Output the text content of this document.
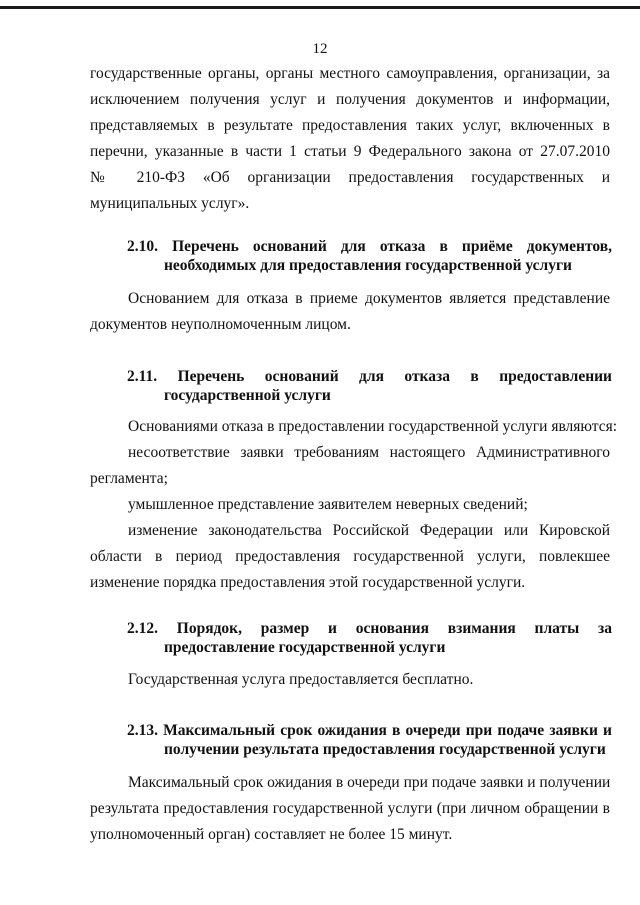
12
государственные органы, органы местного самоуправления, организации, за
исключением получения услуг и получения документов и информации,
представляемых в результате предоставления таких услуг, включенных в
перечни, указанные в части 1 статьи 9 Федерального закона от 27.07.2010
№ 210-ФЗ «Об организации предоставления государственных и
муниципальных услуг».
2.10. Перечень оснований для отказа в приёме документов,
необходимых для предоставления государственной услуги
Основанием для отказа в приеме документов является представление
документов неуполномоченным лицом.
2.11. Перечень оснований для отказа в предоставлении
государственной услуги
Основаниями отказа в предоставлении государственной услуги являются:
несоответствие заявки требованиям настоящего Административного
регламента;
умышленное представление заявителем неверных сведений;
изменение законодательства Российской Федерации или Кировской
области в период предоставления государственной услуги, повлекшее
изменение порядка предоставления этой государственной услуги.
2.12. Порядок, размер и основания взимания платы за
предоставление государственной услуги
Государственная услуга предоставляется бесплатно.
2.13. Максимальный срок ожидания в очереди при подаче заявки и
получении результата предоставления государственной услуги
Максимальный срок ожидания в очереди при подаче заявки и получении
результата предоставления государственной услуги (при личном обращении в
уполномоченный орган) составляет не более 15 минут.
